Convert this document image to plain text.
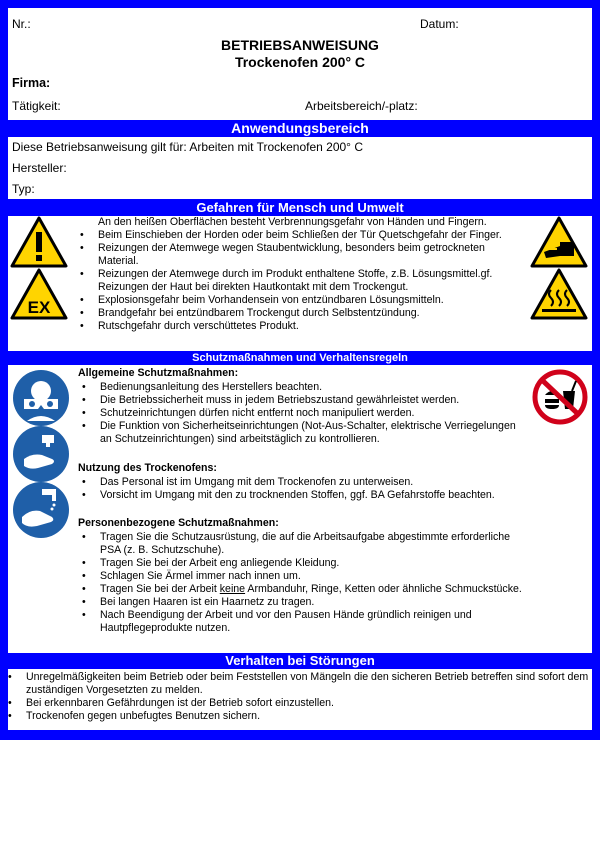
Nr.:	Datum:
BETRIEBSANWEISUNG
Trockenofen 200° C
Firma:
Tätigkeit:	Arbeitsbereich/-platz:
Anwendungsbereich
Diese Betriebsanweisung gilt für: Arbeiten mit Trockenofen 200° C
Hersteller:
Typ:
Gefahren für Mensch und Umwelt
EX
An den heißen Oberflächen besteht Verbrennungsgefahr von Händen und Fingern.
• Beim Einschieben der Horden oder beim Schließen der Tür Quetschgefahr der Finger.
• Reizungen der Atemwege wegen Staubentwicklung, besonders beim getrockneten Material.
• Reizungen der Atemwege durch im Produkt enthaltene Stoffe, z.B. Lösungsmittel.gf. Reizungen der Haut bei direkten Hautkontakt mit dem Trockengut.
• Explosionsgefahr beim Vorhandensein von entzündbaren Lösungsmitteln.
• Brandgefahr bei entzündbarem Trockengut durch Selbstentzündung.
• Rutschgefahr durch verschüttetes Produkt.
Schutzmaßnahmen und Verhaltensregeln
Allgemeine Schutzmaßnahmen:
• Bedienungsanleitung des Herstellers beachten.
• Die Betriebssicherheit muss in jedem Betriebszustand gewährleistet werden.
• Schutzeinrichtungen dürfen nicht entfernt noch manipuliert werden.
• Die Funktion von Sicherheitseinrichtungen (Not-Aus-Schalter, elektrische Verriegelungen an Schutzeinrichtungen) sind arbeitstäglich zu kontrollieren.
Nutzung des Trockenofens:
• Das Personal ist im Umgang mit dem Trockenofen zu unterweisen.
• Vorsicht im Umgang mit den zu trocknenden Stoffen, ggf. BA Gefahrstoffe beachten.
Personenbezogene Schutzmaßnahmen:
• Tragen Sie die Schutzausrüstung, die auf die Arbeitsaufgabe abgestimmte erforderliche PSA (z. B. Schutzschuhe).
• Tragen Sie bei der Arbeit eng anliegende Kleidung.
• Schlagen Sie Ärmel immer nach innen um.
• Tragen Sie bei der Arbeit keine Armbanduhr, Ringe, Ketten oder ähnliche Schmuckstücke.
• Bei langen Haaren ist ein Haarnetz zu tragen.
• Nach Beendigung der Arbeit und vor den Pausen Hände gründlich reinigen und Hautpflegeprodukte nutzen.
Verhalten bei Störungen
• Unregelmäßigkeiten beim Betrieb oder beim Feststellen von Mängeln die den sicheren Betrieb betreffen sind sofort dem zuständigen Vorgesetzten zu melden.
• Bei erkennbaren Gefährdungen ist der Betrieb sofort einzustellen.
• Trockenofen gegen unbefugtes Benutzen sichern.
